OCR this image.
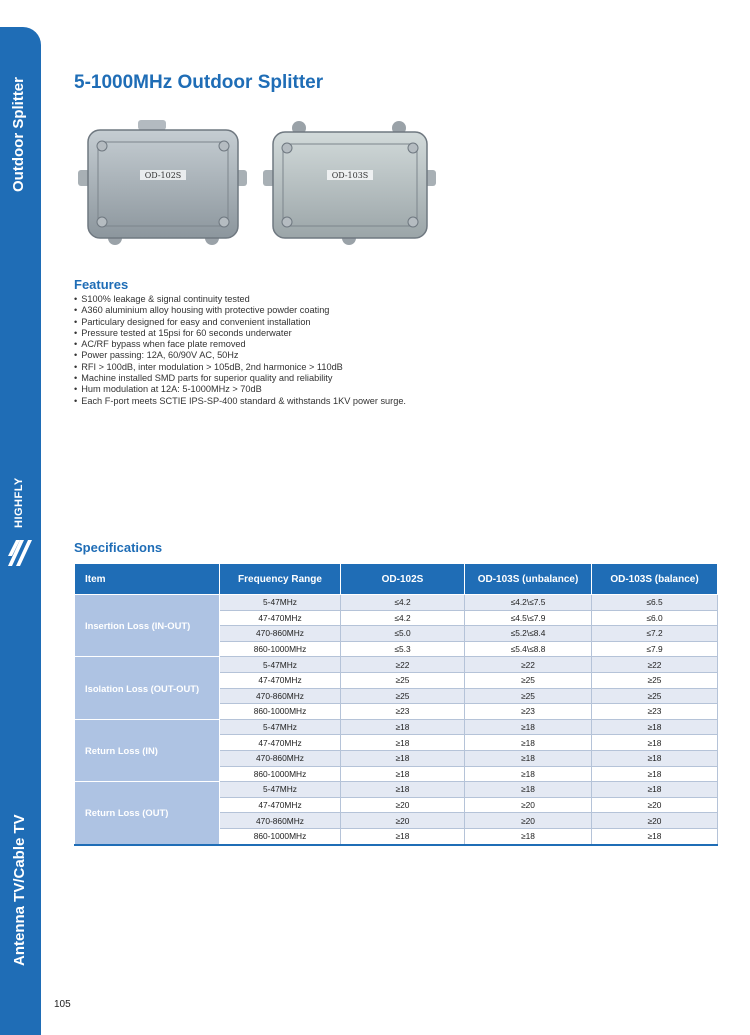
Outdoor Splitter
HIGHFLY
Antenna TV/Cable TV
5-1000MHz Outdoor Splitter
OD-102S	OD-103S
Features
• S100% leakage & signal continuity tested
• A360 aluminium alloy housing with protective powder coating
• Particulary designed for easy and convenient installation
• Pressure tested at 15psi for 60 seconds underwater
• AC/RF bypass when face plate removed
• Power passing: 12A, 60/90V AC, 50Hz
• RFI > 100dB, inter modulation > 105dB, 2nd harmonice > 110dB
• Machine installed SMD parts for superior quality and reliability
• Hum modulation at 12A: 5-1000MHz > 70dB
• Each F-port meets SCTIE IPS-SP-400 standard & withstands 1KV power surge.
Specifications
Item	Frequency Range	OD-102S	OD-103S (unbalance)	OD-103S (balance)
Insertion Loss (IN-OUT)	5-47MHz	≤4.2	≤4.2\≤7.5	≤6.5
	47-470MHz	≤4.2	≤4.5\≤7.9	≤6.0
	470-860MHz	≤5.0	≤5.2\≤8.4	≤7.2
	860-1000MHz	≤5.3	≤5.4\≤8.8	≤7.9
Isolation Loss (OUT-OUT)	5-47MHz	≥22	≥22	≥22
	47-470MHz	≥25	≥25	≥25
	470-860MHz	≥25	≥25	≥25
	860-1000MHz	≥23	≥23	≥23
Return Loss (IN)	5-47MHz	≥18	≥18	≥18
	47-470MHz	≥18	≥18	≥18
	470-860MHz	≥18	≥18	≥18
	860-1000MHz	≥18	≥18	≥18
Return Loss (OUT)	5-47MHz	≥18	≥18	≥18
	47-470MHz	≥20	≥20	≥20
	470-860MHz	≥20	≥20	≥20
	860-1000MHz	≥18	≥18	≥18
105
